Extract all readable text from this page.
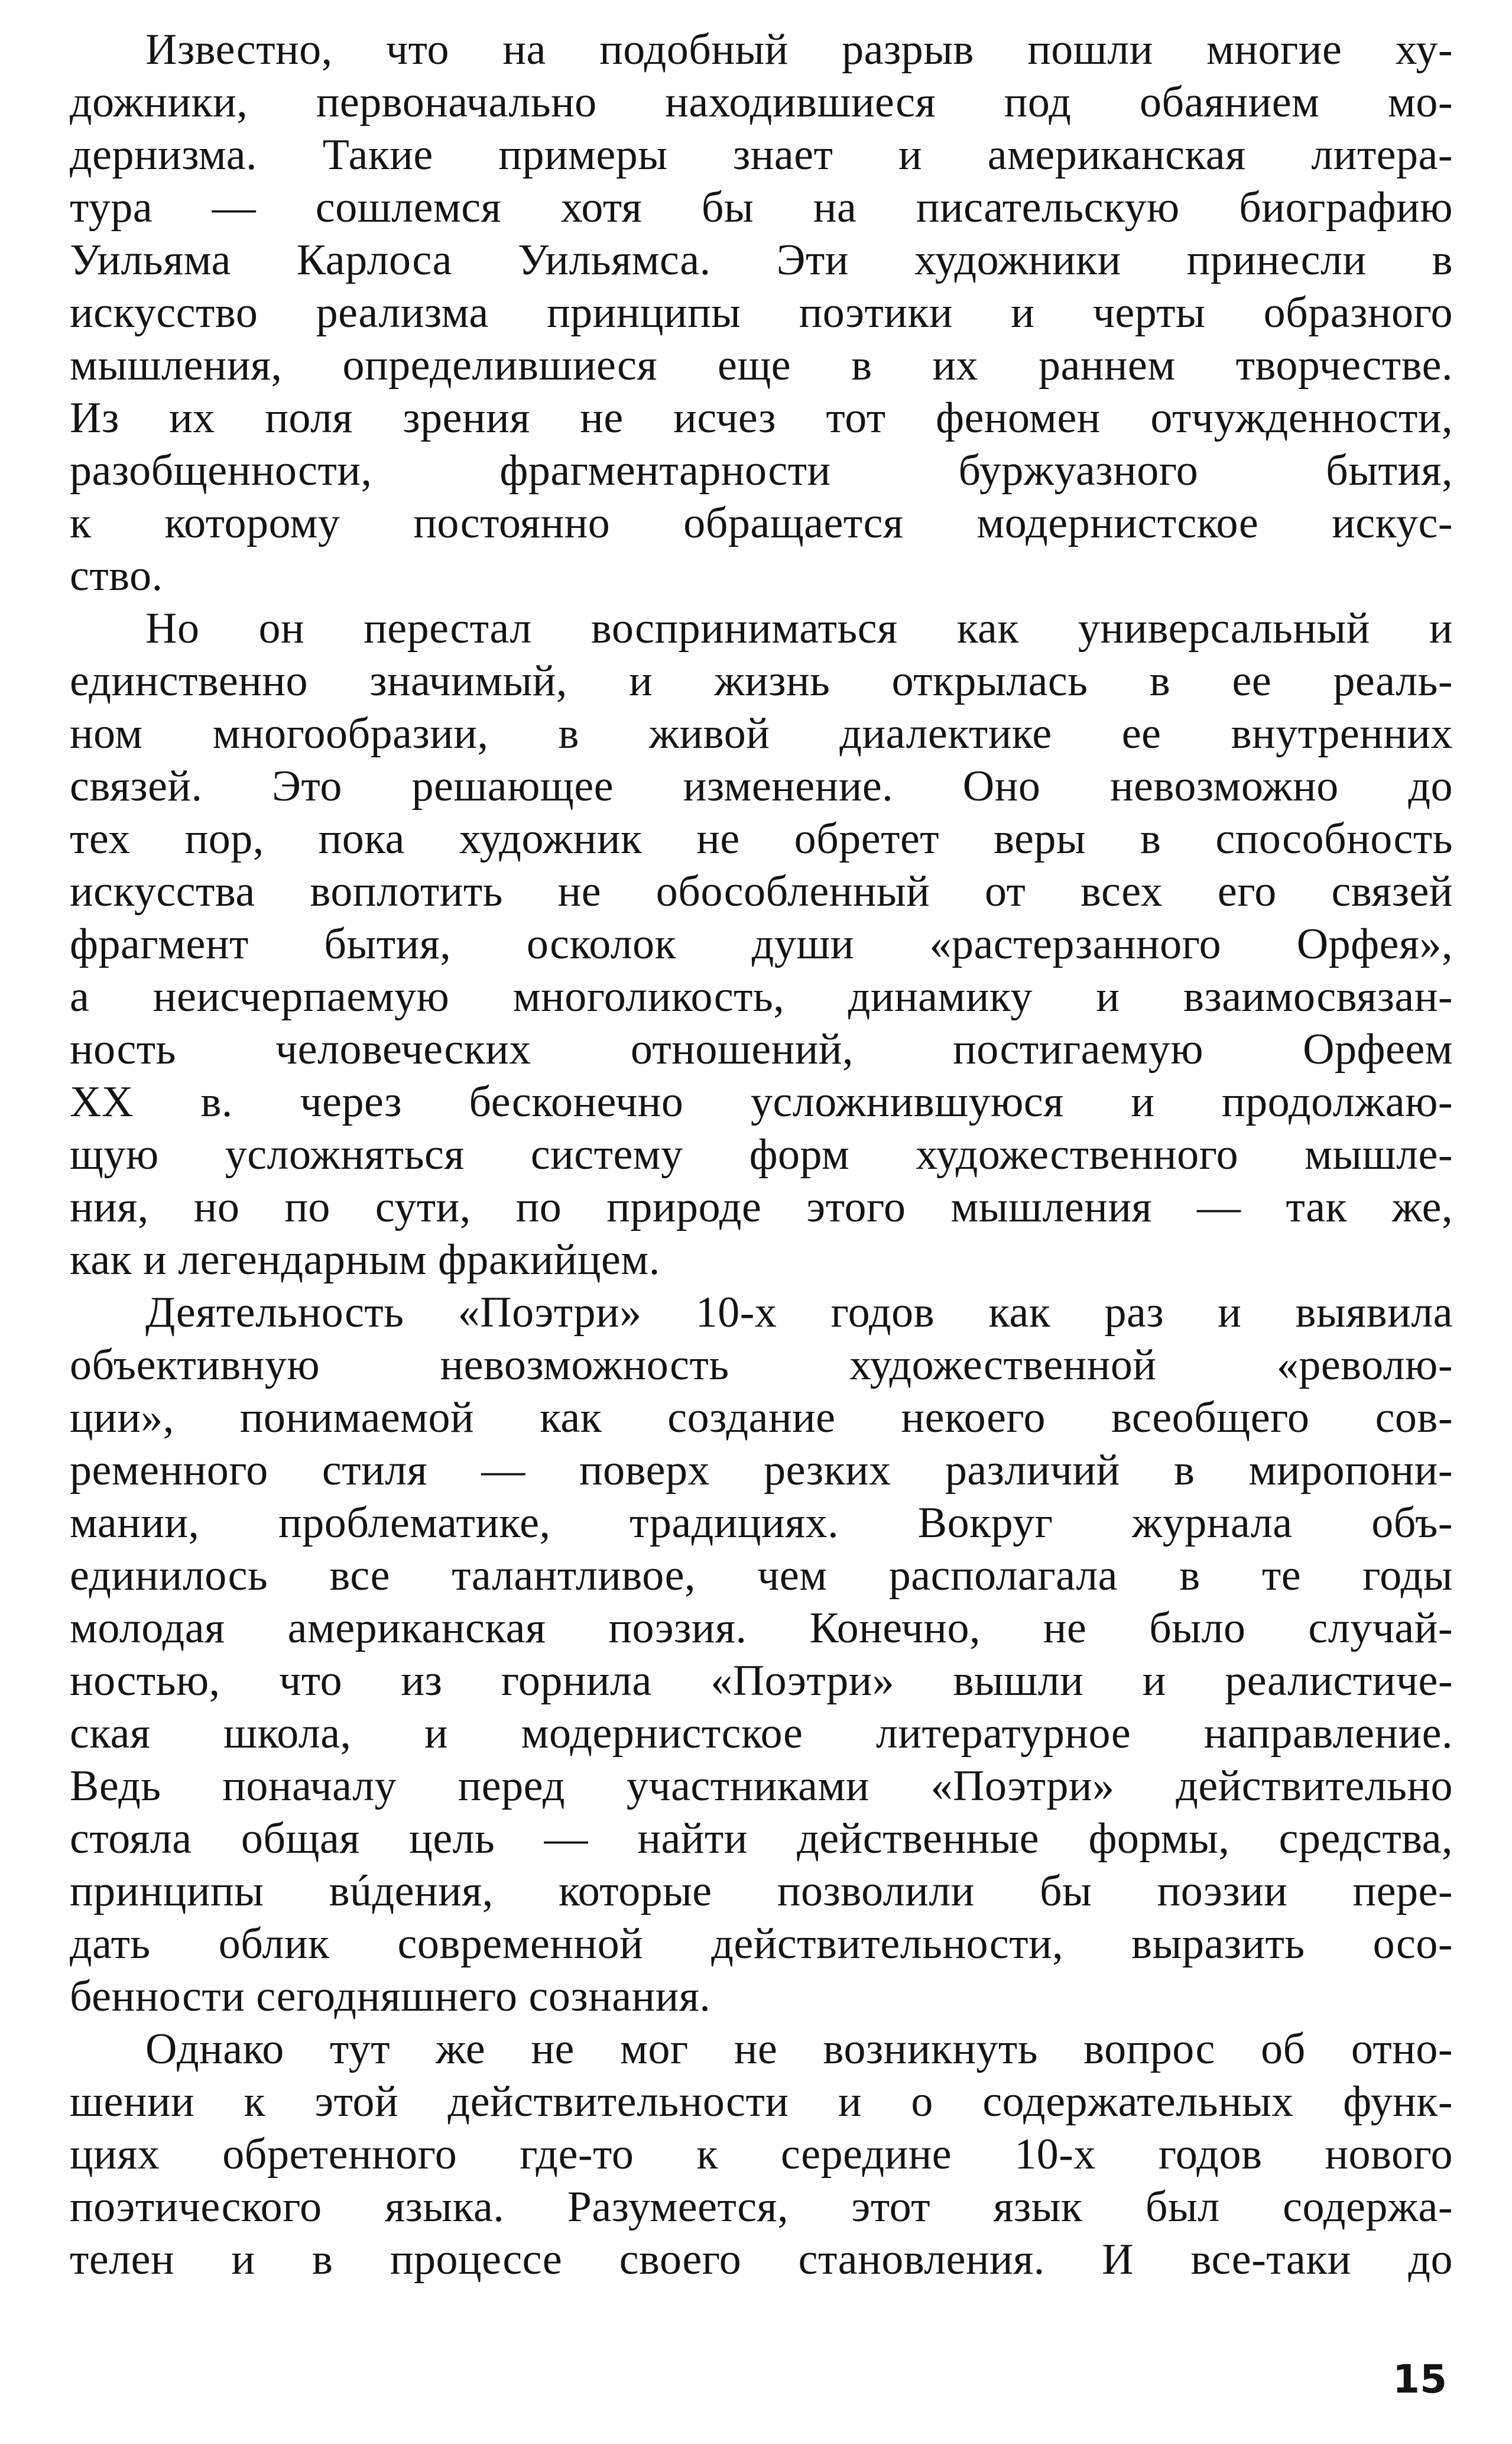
Известно, что на подобный разрыв пошли многие ху-
дожники, первоначально находившиеся под обаянием мо-
дернизма. Такие примеры знает и американская литера-
тура — сошлемся хотя бы на писательскую биографию
Уильяма Карлоса Уильямса. Эти художники принесли в
искусство реализма принципы поэтики и черты образного
мышления, определившиеся еще в их раннем творчестве.
Из их поля зрения не исчез тот феномен отчужденности,
разобщенности, фрагментарности буржуазного бытия,
к которому постоянно обращается модернистское искус-
ство.
Но он перестал восприниматься как универсальный и
единственно значимый, и жизнь открылась в ее реаль-
ном многообразии, в живой диалектике ее внутренних
связей. Это решающее изменение. Оно невозможно до
тех пор, пока художник не обретет веры в способность
искусства воплотить не обособленный от всех его связей
фрагмент бытия, осколок души «растерзанного Орфея»,
а неисчерпаемую многоликость, динамику и взаимосвязан-
ность человеческих отношений, постигаемую Орфеем
XX в. через бесконечно усложнившуюся и продолжаю-
щую усложняться систему форм художественного мышле-
ния, но по сути, по природе этого мышления — так же,
как и легендарным фракийцем.
Деятельность «Поэтри» 10-х годов как раз и выявила
объективную невозможность художественной «револю-
ции», понимаемой как создание некоего всеобщего сов-
ременного стиля — поверх резких различий в миропони-
мании, проблематике, традициях. Вокруг журнала объ-
единилось все талантливое, чем располагала в те годы
молодая американская поэзия. Конечно, не было случай-
ностью, что из горнила «Поэтри» вышли и реалистиче-
ская школа, и модернистское литературное направление.
Ведь поначалу перед участниками «Поэтри» действительно
стояла общая цель — найти действенные формы, средства,
принципы вúдения, которые позволили бы поэзии пере-
дать облик современной действительности, выразить осо-
бенности сегодняшнего сознания.
Однако тут же не мог не возникнуть вопрос об отно-
шении к этой действительности и о содержательных функ-
циях обретенного где-то к середине 10-х годов нового
поэтического языка. Разумеется, этот язык был содержа-
телен и в процессе своего становления. И все-таки до
15
